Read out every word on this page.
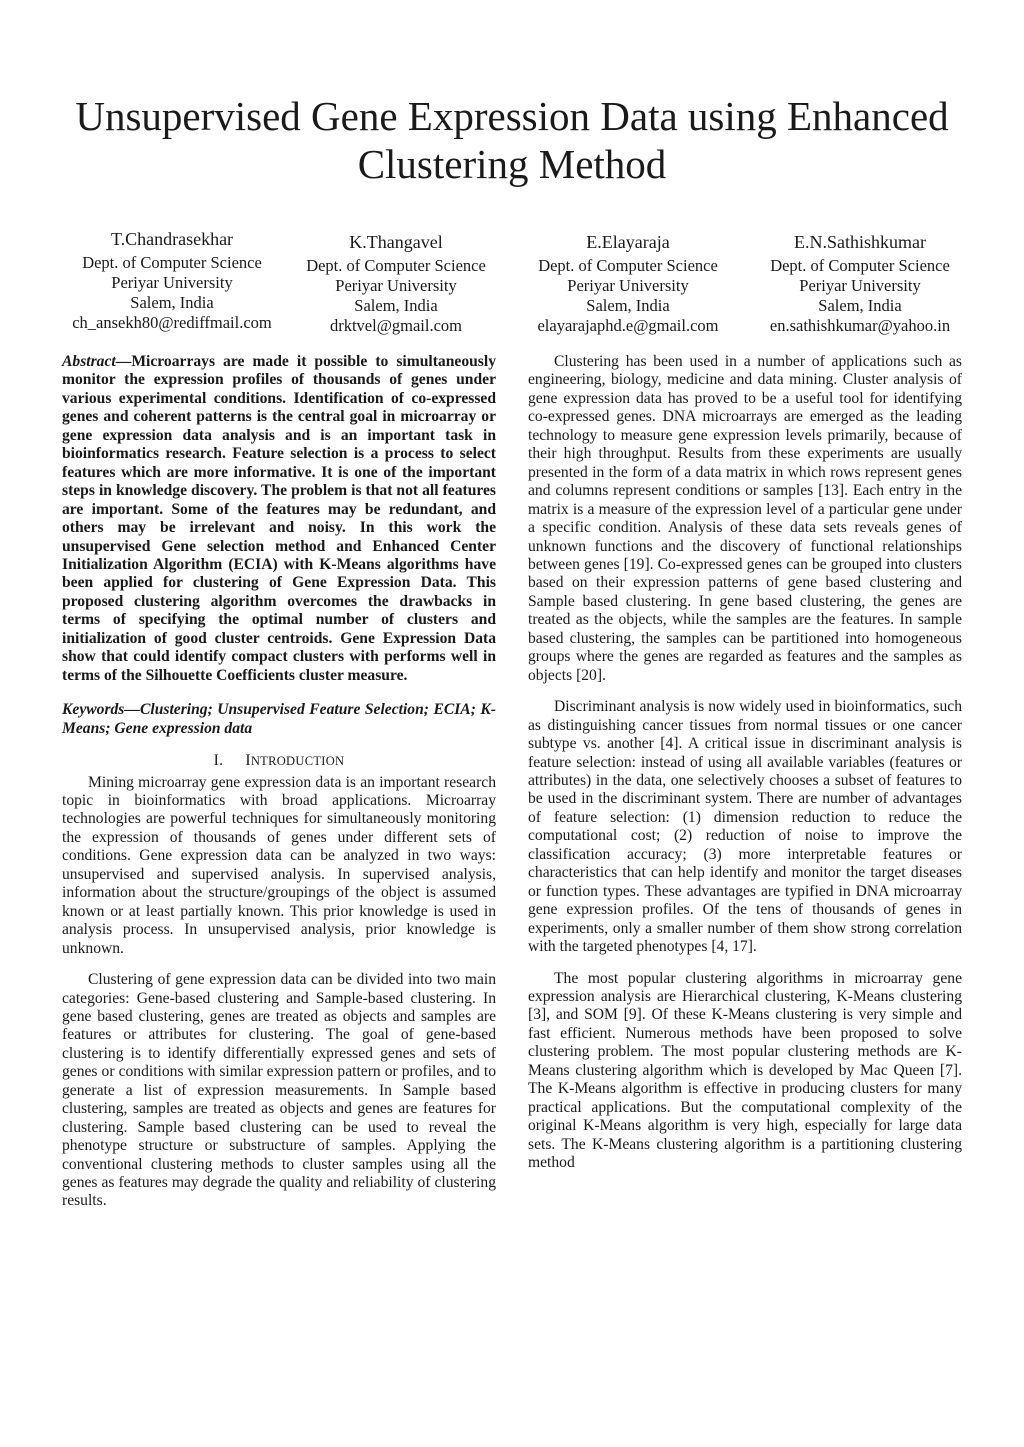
Unsupervised Gene Expression Data using Enhanced Clustering Method
T.Chandrasekhar
Dept. of Computer Science
Periyar University
Salem, India
ch_ansekh80@rediffmail.com
K.Thangavel
Dept. of Computer Science
Periyar University
Salem, India
drktvel@gmail.com
E.Elayaraja
Dept. of Computer Science
Periyar University
Salem, India
elayarajaphd.e@gmail.com
E.N.Sathishkumar
Dept. of Computer Science
Periyar University
Salem, India
en.sathishkumar@yahoo.in

Abstract—Microarrays are made it possible to simultaneously monitor the expression profiles of thousands of genes under various experimental conditions. Identification of co-expressed genes and coherent patterns is the central goal in microarray or gene expression data analysis and is an important task in bioinformatics research. Feature selection is a process to select features which are more informative. It is one of the important steps in knowledge discovery. The problem is that not all features are important. Some of the features may be redundant, and others may be irrelevant and noisy. In this work the unsupervised Gene selection method and Enhanced Center Initialization Algorithm (ECIA) with K-Means algorithms have been applied for clustering of Gene Expression Data. This proposed clustering algorithm overcomes the drawbacks in terms of specifying the optimal number of clusters and initialization of good cluster centroids. Gene Expression Data show that could identify compact clusters with performs well in terms of the Silhouette Coefficients cluster measure.

Keywords—Clustering; Unsupervised Feature Selection; ECIA; K-Means; Gene expression data

I. INTRODUCTION

Mining microarray gene expression data is an important research topic in bioinformatics with broad applications. Microarray technologies are powerful techniques for simultaneously monitoring the expression of thousands of genes under different sets of conditions. Gene expression data can be analyzed in two ways: unsupervised and supervised analysis. In supervised analysis, information about the structure/groupings of the object is assumed known or at least partially known. This prior knowledge is used in analysis process. In unsupervised analysis, prior knowledge is unknown.

Clustering of gene expression data can be divided into two main categories: Gene-based clustering and Sample-based clustering. In gene based clustering, genes are treated as objects and samples are features or attributes for clustering. The goal of gene-based clustering is to identify differentially expressed genes and sets of genes or conditions with similar expression pattern or profiles, and to generate a list of expression measurements. In Sample based clustering, samples are treated as objects and genes are features for clustering. Sample based clustering can be used to reveal the phenotype structure or substructure of samples. Applying the conventional clustering methods to cluster samples using all the genes as features may degrade the quality and reliability of clustering results.

Clustering has been used in a number of applications such as engineering, biology, medicine and data mining. Cluster analysis of gene expression data has proved to be a useful tool for identifying co-expressed genes. DNA microarrays are emerged as the leading technology to measure gene expression levels primarily, because of their high throughput. Results from these experiments are usually presented in the form of a data matrix in which rows represent genes and columns represent conditions or samples [13]. Each entry in the matrix is a measure of the expression level of a particular gene under a specific condition. Analysis of these data sets reveals genes of unknown functions and the discovery of functional relationships between genes [19]. Co-expressed genes can be grouped into clusters based on their expression patterns of gene based clustering and Sample based clustering. In gene based clustering, the genes are treated as the objects, while the samples are the features. In sample based clustering, the samples can be partitioned into homogeneous groups where the genes are regarded as features and the samples as objects [20].

Discriminant analysis is now widely used in bioinformatics, such as distinguishing cancer tissues from normal tissues or one cancer subtype vs. another [4]. A critical issue in discriminant analysis is feature selection: instead of using all available variables (features or attributes) in the data, one selectively chooses a subset of features to be used in the discriminant system. There are number of advantages of feature selection: (1) dimension reduction to reduce the computational cost; (2) reduction of noise to improve the classification accuracy; (3) more interpretable features or characteristics that can help identify and monitor the target diseases or function types. These advantages are typified in DNA microarray gene expression profiles. Of the tens of thousands of genes in experiments, only a smaller number of them show strong correlation with the targeted phenotypes [4, 17].

The most popular clustering algorithms in microarray gene expression analysis are Hierarchical clustering, K-Means clustering [3], and SOM [9]. Of these K-Means clustering is very simple and fast efficient. Numerous methods have been proposed to solve clustering problem. The most popular clustering methods are K-Means clustering algorithm which is developed by Mac Queen [7]. The K-Means algorithm is effective in producing clusters for many practical applications. But the computational complexity of the original K-Means algorithm is very high, especially for large data sets. The K-Means clustering algorithm is a partitioning clustering method
